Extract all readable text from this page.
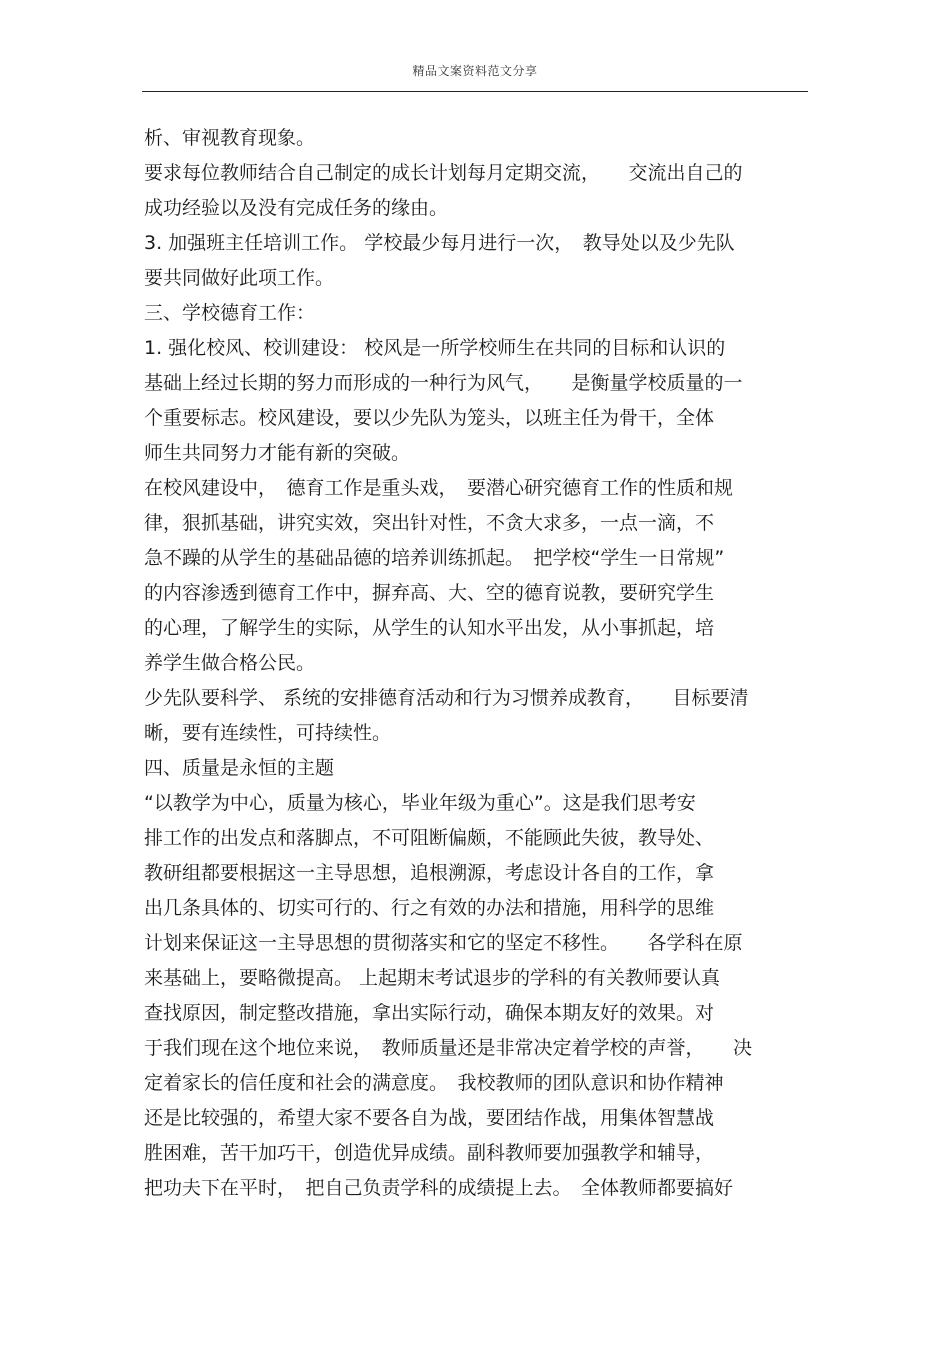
精品文案资料范文分享
析、审视教育现象。
要求每位教师结合自己制定的成长计划每月定期交流，　　交流出自己的
成功经验以及没有完成任务的缘由。
3. 加强班主任培训工作。 学校最少每月进行一次，　教导处以及少先队
要共同做好此项工作。
三、学校德育工作：
1. 强化校风、校训建设： 校风是一所学校师生在共同的目标和认识的
基础上经过长期的努力而形成的一种行为风气，　　是衡量学校质量的一
个重要标志。校风建设，要以少先队为笼头，以班主任为骨干，全体
师生共同努力才能有新的突破。
在校风建设中，　德育工作是重头戏，　要潜心研究德育工作的性质和规
律，狠抓基础，讲究实效，突出针对性，不贪大求多，一点一滴，不
急不躁的从学生的基础品德的培养训练抓起。　把学校“学生一日常规”
的内容渗透到德育工作中，摒弃高、大、空的德育说教，要研究学生
的心理，了解学生的实际，从学生的认知水平出发，从小事抓起，培
养学生做合格公民。
少先队要科学、 系统的安排德育活动和行为习惯养成教育，　　目标要清
晰，要有连续性，可持续性。
四、质量是永恒的主题
“以教学为中心，质量为核心，毕业年级为重心”。这是我们思考安
排工作的出发点和落脚点，不可阻断偏颇，不能顾此失彼，教导处、
教研组都要根据这一主导思想，追根溯源，考虑设计各自的工作，拿
出几条具体的、切实可行的、行之有效的办法和措施，用科学的思维
计划来保证这一主导思想的贯彻落实和它的坚定不移性。　　各学科在原
来基础上，要略微提高。 上起期末考试退步的学科的有关教师要认真
查找原因，制定整改措施，拿出实际行动，确保本期友好的效果。对
于我们现在这个地位来说，　教师质量还是非常决定着学校的声誉，　　决
定着家长的信任度和社会的满意度。　我校教师的团队意识和协作精神
还是比较强的，希望大家不要各自为战，要团结作战，用集体智慧战
胜困难，苦干加巧干，创造优异成绩。副科教师要加强教学和辅导，
把功夫下在平时，　把自己负责学科的成绩提上去。　全体教师都要搞好
